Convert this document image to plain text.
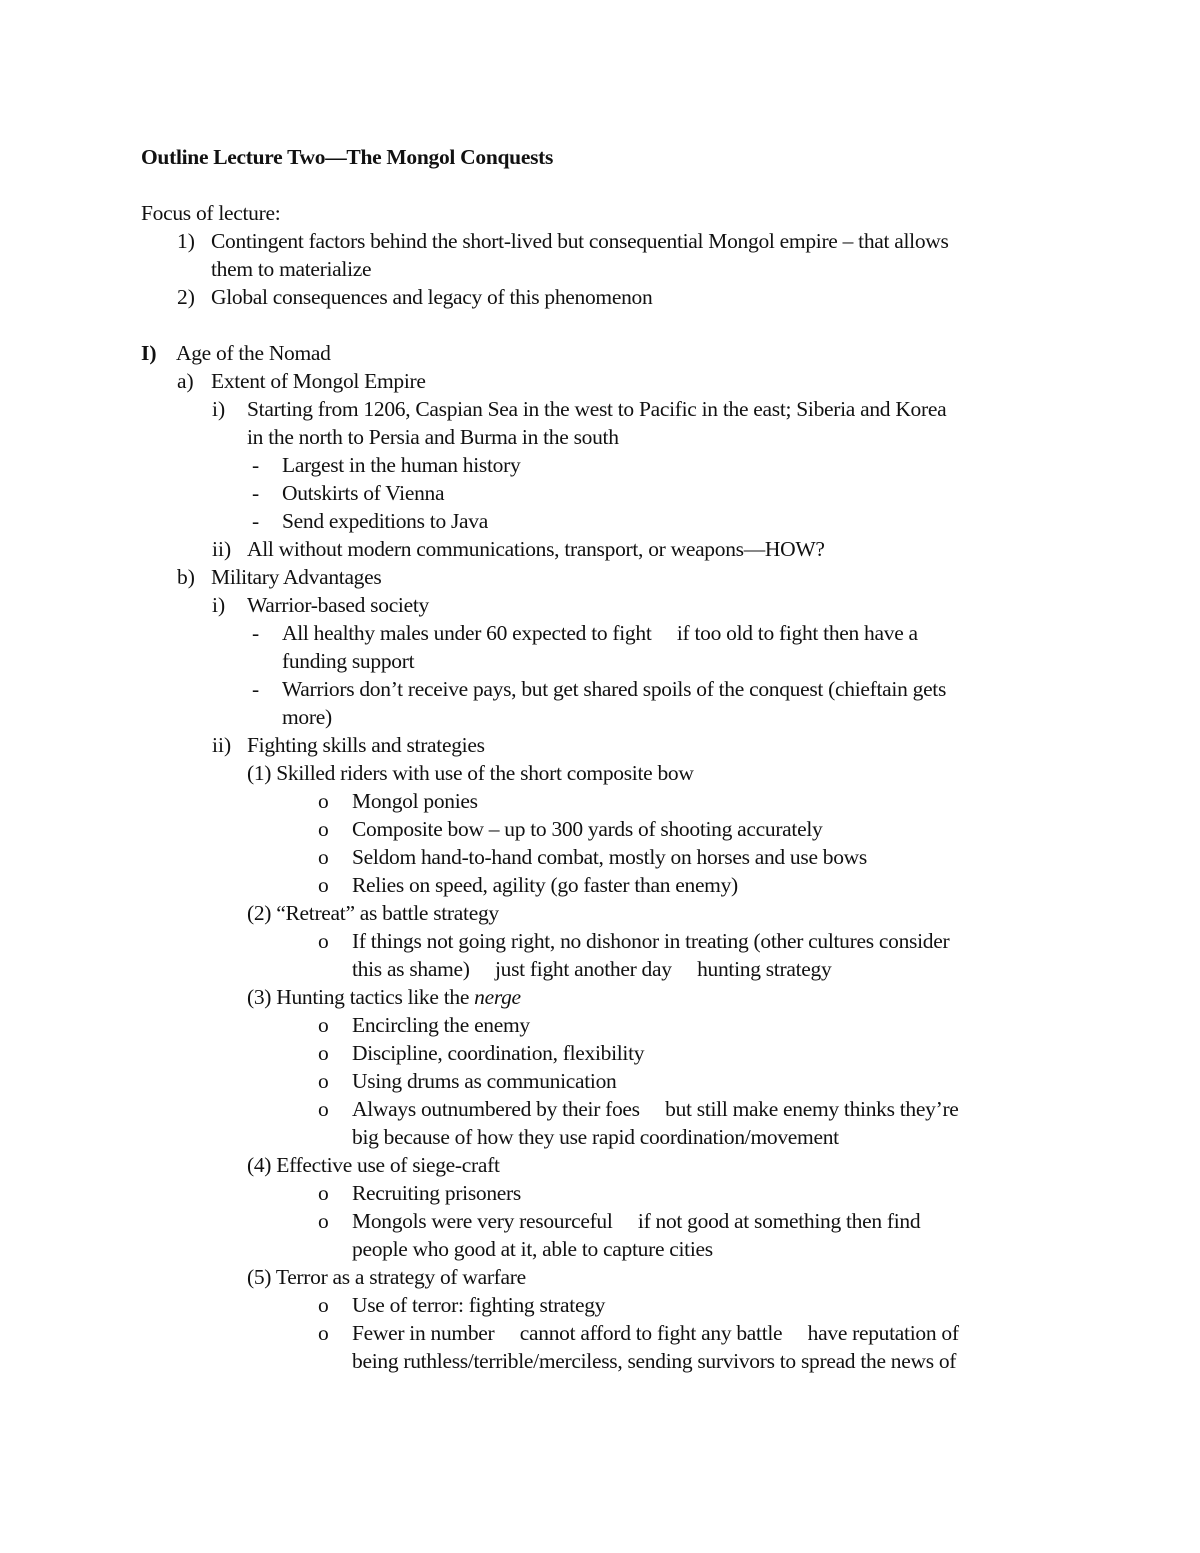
Outline Lecture Two—The Mongol Conquests
Focus of lecture:
1) Contingent factors behind the short-lived but consequential Mongol empire – that allows
them to materialize
2) Global consequences and legacy of this phenomenon
I) Age of the Nomad
a) Extent of Mongol Empire
i) Starting from 1206, Caspian Sea in the west to Pacific in the east; Siberia and Korea
in the north to Persia and Burma in the south
- Largest in the human history
- Outskirts of Vienna
- Send expeditions to Java
ii) All without modern communications, transport, or weapons—HOW?
b) Military Advantages
i) Warrior-based society
- All healthy males under 60 expected to fight     if too old to fight then have a
funding support
- Warriors don’t receive pays, but get shared spoils of the conquest (chieftain gets
more)
ii) Fighting skills and strategies
(1) Skilled riders with use of the short composite bow
o Mongol ponies
o Composite bow – up to 300 yards of shooting accurately
o Seldom hand-to-hand combat, mostly on horses and use bows
o Relies on speed, agility (go faster than enemy)
(2) “Retreat” as battle strategy
o If things not going right, no dishonor in treating (other cultures consider
this as shame)     just fight another day     hunting strategy
(3) Hunting tactics like the nerge
o Encircling the enemy
o Discipline, coordination, flexibility
o Using drums as communication
o Always outnumbered by their foes     but still make enemy thinks they’re
big because of how they use rapid coordination/movement
(4) Effective use of siege-craft
o Recruiting prisoners
o Mongols were very resourceful     if not good at something then find
people who good at it, able to capture cities
(5) Terror as a strategy of warfare
o Use of terror: fighting strategy
o Fewer in number     cannot afford to fight any battle     have reputation of
being ruthless/terrible/merciless, sending survivors to spread the news of
